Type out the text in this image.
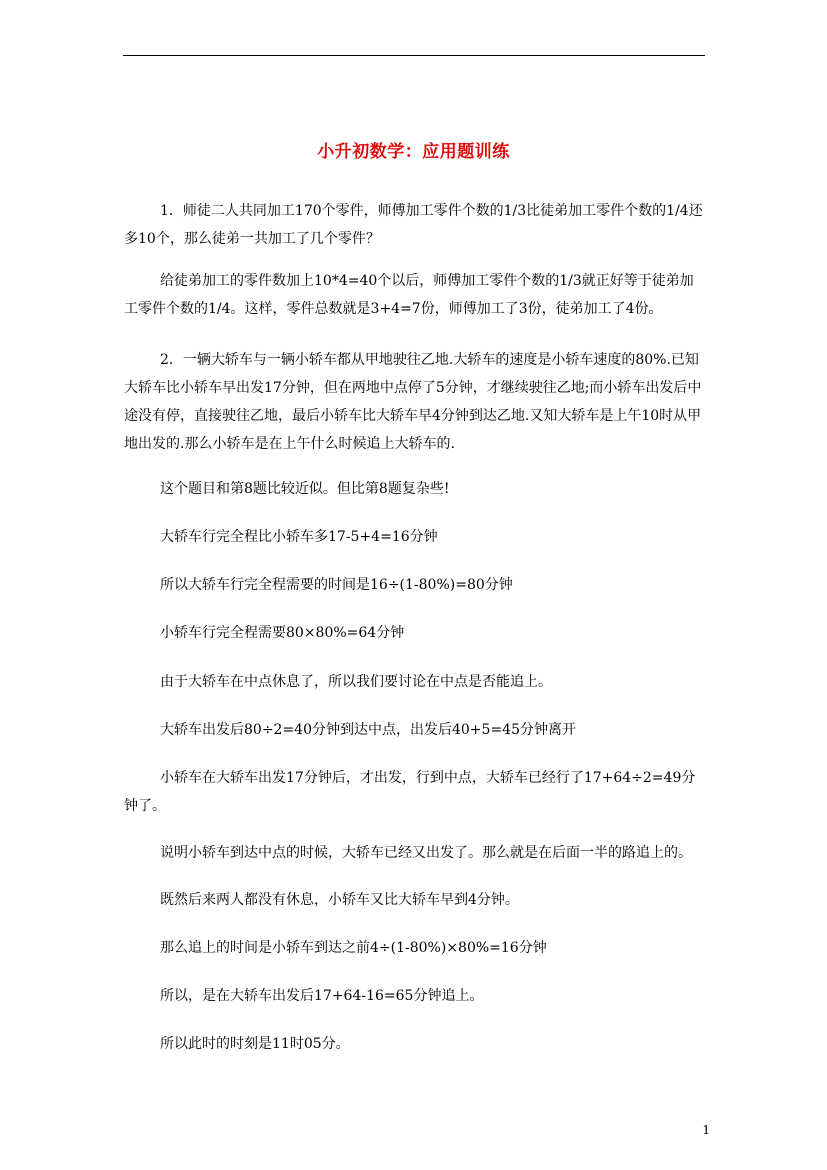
小升初数学：应用题训练
1．师徒二人共同加工170个零件，师傅加工零件个数的1/3比徒弟加工零件个数的1/4还多10个，那么徒弟一共加工了几个零件？
给徒弟加工的零件数加上10*4=40个以后，师傅加工零件个数的1/3就正好等于徒弟加工零件个数的1/4。这样，零件总数就是3+4=7份，师傅加工了3份，徒弟加工了4份。
2．一辆大轿车与一辆小轿车都从甲地驶往乙地.大轿车的速度是小轿车速度的80%.已知大轿车比小轿车早出发17分钟，但在两地中点停了5分钟，才继续驶往乙地;而小轿车出发后中途没有停，直接驶往乙地，最后小轿车比大轿车早4分钟到达乙地.又知大轿车是上午10时从甲地出发的.那么小轿车是在上午什么时候追上大轿车的.
这个题目和第8题比较近似。但比第8题复杂些!
大轿车行完全程比小轿车多17-5+4=16分钟
所以大轿车行完全程需要的时间是16÷(1-80%)=80分钟
小轿车行完全程需要80×80%=64分钟
由于大轿车在中点休息了，所以我们要讨论在中点是否能追上。
大轿车出发后80÷2=40分钟到达中点，出发后40+5=45分钟离开
小轿车在大轿车出发17分钟后，才出发，行到中点，大轿车已经行了17+64÷2=49分钟了。
说明小轿车到达中点的时候，大轿车已经又出发了。那么就是在后面一半的路追上的。
既然后来两人都没有休息，小轿车又比大轿车早到4分钟。
那么追上的时间是小轿车到达之前4÷(1-80%)×80%=16分钟
所以，是在大轿车出发后17+64-16=65分钟追上。
所以此时的时刻是11时05分。
1
